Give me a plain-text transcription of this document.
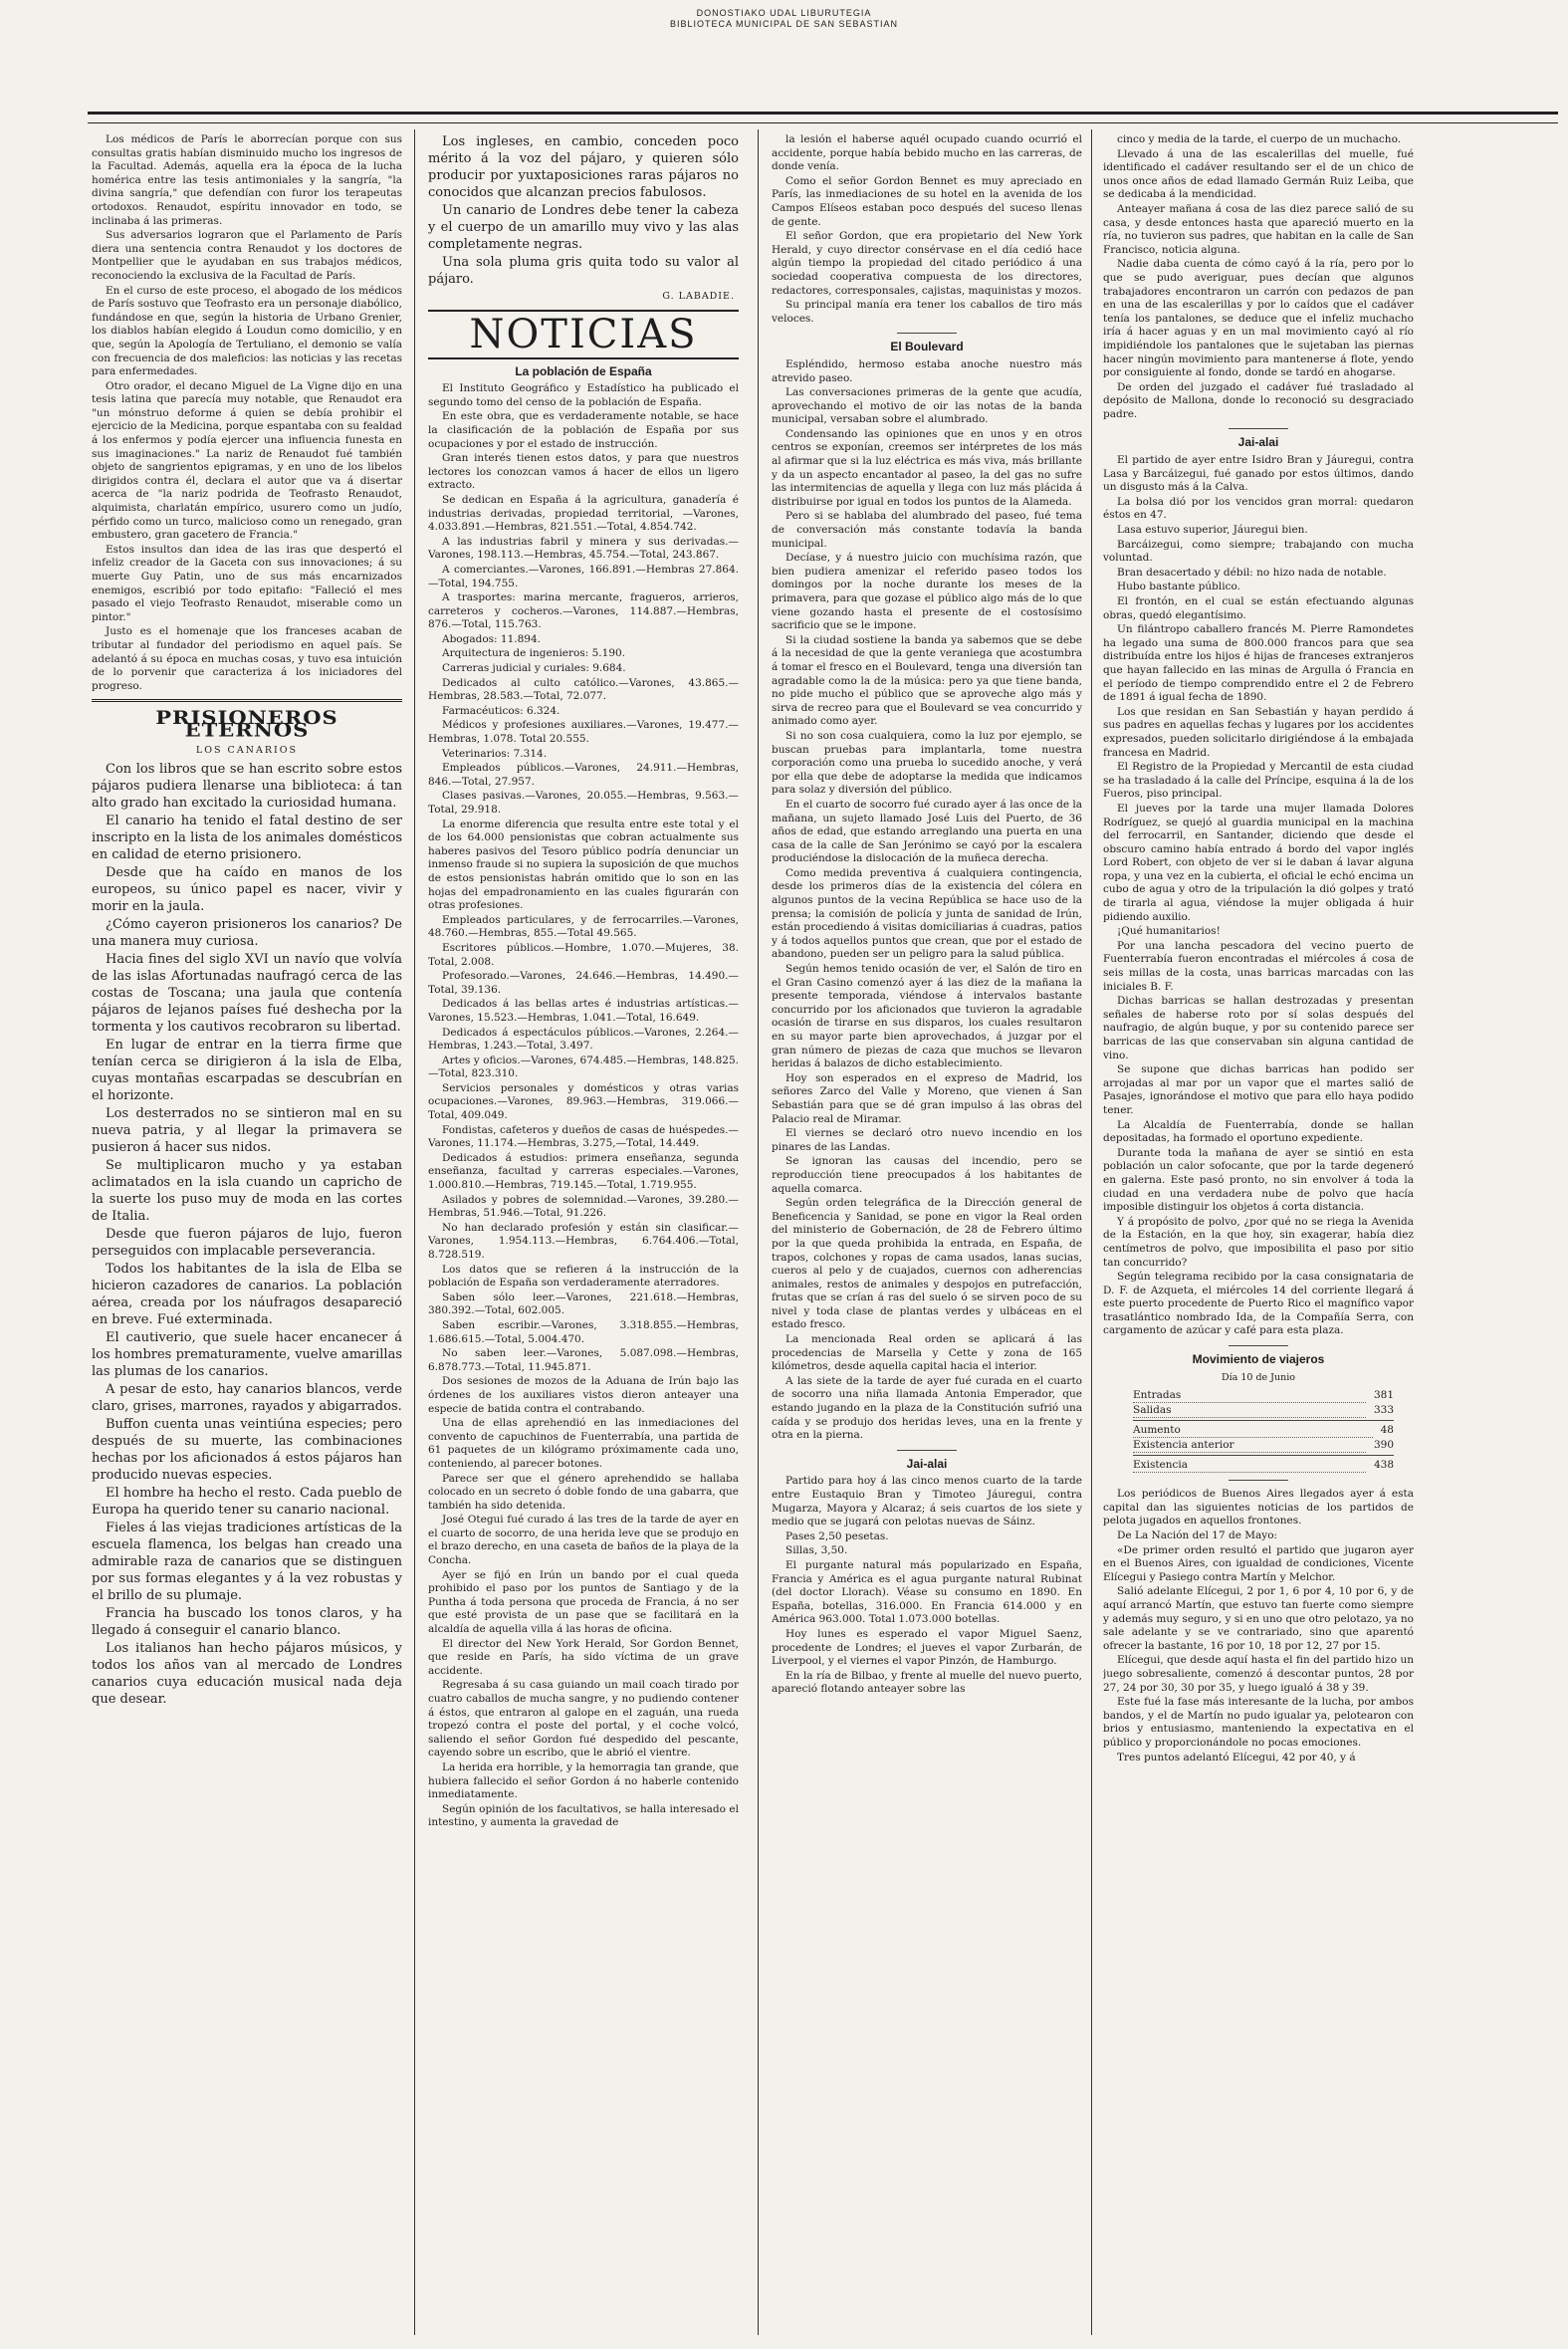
DONOSTIAKO UDAL LIBURUTEGIA
BIBLIOTECA MUNICIPAL DE SAN SEBASTIAN

Los médicos de París le aborrecían porque con sus consultas gratis habían disminuido mucho los ingresos de la Facultad. Además, aquella era la época de la lucha homérica entre las tesis antimoniales y la sangría, "la divina sangría," que defendían con furor los terapeutas ortodoxos. Renaudot, espíritu innovador en todo, se inclinaba á las primeras.

Sus adversarios lograron que el Parlamento de París diera una sentencia contra Renaudot y los doctores de Montpellier que le ayudaban en sus trabajos médicos, reconociendo la exclusiva de la Facultad de París.

En el curso de este proceso, el abogado de los médicos de París sostuvo que Teofrasto era un personaje diabólico, fundándose en que, según la historia de Urbano Grenier, los diablos habían elegido á Loudun como domicilio, y en que, según la Apología de Tertuliano, el demonio se valía con frecuencia de dos maleficios: las noticias y las recetas para enfermedades.

Otro orador, el decano Miguel de La Vigne dijo en una tesis latina que parecía muy notable, que Renaudot era "un mónstruo deforme á quien se debía prohibir el ejercicio de la Medicina, porque espantaba con su fealdad á los enfermos y podía ejercer una influencia funesta en sus imaginaciones." La nariz de Renaudot fué también objeto de sangrientos epigramas, y en uno de los libelos dirigidos contra él, declara el autor que va á disertar acerca de "la nariz podrida de Teofrasto Renaudot, alquimista, charlatán empírico, usurero como un judío, pérfido como un turco, malicioso como un renegado, gran embustero, gran gacetero de Francia."

Estos insultos dan idea de las iras que despertó el infeliz creador de la Gaceta con sus innovaciones; á su muerte Guy Patin, uno de sus más encarnizados enemigos, escribió por todo epitafio: "Falleció el mes pasado el viejo Teofrasto Renaudot, miserable como un pintor."

Justo es el homenaje que los franceses acaban de tributar al fundador del periodismo en aquel país. Se adelantó á su época en muchas cosas, y tuvo esa intuición de lo porvenir que caracteriza á los iniciadores del progreso.

PRISIONEROS ETERNOS
LOS CANARIOS

Con los libros que se han escrito sobre estos pájaros pudiera llenarse una biblioteca: á tan alto grado han excitado la curiosidad humana.

El canario ha tenido el fatal destino de ser inscripto en la lista de los animales domésticos en calidad de eterno prisionero.

Desde que ha caído en manos de los europeos, su único papel es nacer, vivir y morir en la jaula.

¿Cómo cayeron prisioneros los canarios? De una manera muy curiosa.

Hacia fines del siglo XVI un navío que volvía de las islas Afortunadas naufragó cerca de las costas de Toscana; una jaula que contenía pájaros de lejanos países fué deshecha por la tormenta y los cautivos recobraron su libertad.

En lugar de entrar en la tierra firme que tenían cerca se dirigieron á la isla de Elba, cuyas montañas escarpadas se descubrían en el horizonte.

Los desterrados no se sintieron mal en su nueva patria, y al llegar la primavera se pusieron á hacer sus nidos.

Se multiplicaron mucho y ya estaban aclimatados en la isla cuando un capricho de la suerte los puso muy de moda en las cortes de Italia.

Desde que fueron pájaros de lujo, fueron perseguidos con implacable perseverancia.

Todos los habitantes de la isla de Elba se hicieron cazadores de canarios. La población aérea, creada por los náufragos desapareció en breve. Fué exterminada.

El cautiverio, que suele hacer encanecer á los hombres prematuramente, vuelve amarillas las plumas de los canarios.

A pesar de esto, hay canarios blancos, verde claro, grises, marrones, rayados y abigarrados.

Buffon cuenta unas veintiúna especies; pero después de su muerte, las combinaciones hechas por los aficionados á estos pájaros han producido nuevas especies.

El hombre ha hecho el resto. Cada pueblo de Europa ha querido tener su canario nacional.

Fieles á las viejas tradiciones artísticas de la escuela flamenca, los belgas han creado una admirable raza de canarios que se distinguen por sus formas elegantes y á la vez robustas y el brillo de su plumaje.

Francia ha buscado los tonos claros, y ha llegado á conseguir el canario blanco.

Los italianos han hecho pájaros músicos, y todos los años van al mercado de Londres canarios cuya educación musical nada deja que desear.

Los ingleses, en cambio, conceden poco mérito á la voz del pájaro, y quieren sólo producir por yuxtaposiciones raras pájaros no conocidos que alcanzan precios fabulosos.

Un canario de Londres debe tener la cabeza y el cuerpo de un amarillo muy vivo y las alas completamente negras.

Una sola pluma gris quita todo su valor al pájaro.

G. LABADIE.
NOTICIAS
La población de España

El Instituto Geográfico y Estadístico ha publicado el segundo tomo del censo de la población de España.

En este obra, que es verdaderamente notable, se hace la clasificación de la población de España por sus ocupaciones y por el estado de instrucción.

Gran interés tienen estos datos, y para que nuestros lectores los conozcan vamos á hacer de ellos un ligero extracto.

Se dedican en España á la agricultura, ganadería é industrias derivadas, propiedad territorial, —Varones, 4.033.891.—Hembras, 821.551.—Total, 4.854.742.

A las industrias fabril y minera y sus derivadas.—Varones, 198.113.—Hembras, 45.754.—Total, 243.867.

A comerciantes.—Varones, 166.891.—Hembras 27.864.—Total, 194.755.

A trasportes: marina mercante, fragueros, arrieros, carreteros y cocheros.—Varones, 114.887.—Hembras, 876.—Total, 115.763.

Abogados: 11.894.

Arquitectura de ingenieros: 5.190.

Carreras judicial y curiales: 9.684.

Dedicados al culto católico.—Varones, 43.865.—Hembras, 28.583.—Total, 72.077.

Farmacéuticos: 6.324.

Médicos y profesiones auxiliares.—Varones, 19.477.—Hembras, 1.078. Total 20.555.

Veterinarios: 7.314.

Empleados públicos.—Varones, 24.911.—Hembras, 846.—Total, 27.957.

Clases pasivas.—Varones, 20.055.—Hembras, 9.563.—Total, 29.918.

La enorme diferencia que resulta entre este total y el de los 64.000 pensionistas que cobran actualmente sus haberes pasivos del Tesoro público podría denunciar un inmenso fraude si no supiera la suposición de que muchos de estos pensionistas habrán omitido que lo son en las hojas del empadronamiento en las cuales figurarán con otras profesiones.

Empleados particulares, y de ferrocarriles.—Varones, 48.760.—Hembras, 855.—Total 49.565.

Escritores públicos.—Hombre, 1.070.—Mujeres, 38. Total, 2.008.

Profesorado.—Varones, 24.646.—Hembras, 14.490.—Total, 39.136.

Dedicados á las bellas artes é industrias artísticas.—Varones, 15.523.—Hembras, 1.041.—Total, 16.649.

Dedicados á espectáculos públicos.—Varones, 2.264.—Hembras, 1.243.—Total, 3.497.

Artes y oficios.—Varones, 674.485.—Hembras, 148.825.—Total, 823.310.

Servicios personales y domésticos y otras varias ocupaciones.—Varones, 89.963.—Hembras, 319.066.—Total, 409.049.

Fondistas, cafeteros y dueños de casas de huéspedes.—Varones, 11.174.—Hembras, 3.275,—Total, 14.449.

Dedicados á estudios: primera enseñanza, segunda enseñanza, facultad y carreras especiales.—Varones, 1.000.810.—Hembras, 719.145.—Total, 1.719.955.

Asilados y pobres de solemnidad.—Varones, 39.280.—Hembras, 51.946.—Total, 91.226.

No han declarado profesión y están sin clasificar.—Varones, 1.954.113.—Hembras, 6.764.406.—Total, 8.728.519.

Los datos que se refieren á la instrucción de la población de España son verdaderamente aterradores.

Saben sólo leer.—Varones, 221.618.—Hembras, 380.392.—Total, 602.005.

Saben escribir.—Varones, 3.318.855.—Hembras, 1.686.615.—Total, 5.004.470.

No saben leer.—Varones, 5.087.098.—Hembras, 6.878.773.—Total, 11.945.871.

Dos sesiones de mozos de la Aduana de Irún bajo las órdenes de los auxiliares vistos dieron anteayer una especie de batida contra el contrabando.

Una de ellas aprehendió en las inmediaciones del convento de capuchinos de Fuenterrabía, una partida de 61 paquetes de un kilógramo próximamente cada uno, conteniendo, al parecer botones.

Parece ser que el género aprehendido se hallaba colocado en un secreto ó doble fondo de una gabarra, que también ha sido detenida.

José Otegui fué curado á las tres de la tarde de ayer en el cuarto de socorro, de una herida leve que se produjo en el brazo derecho, en una caseta de baños de la playa de la Concha.

Ayer se fijó en Irún un bando por el cual queda prohibido el paso por los puntos de Santiago y de la Puntha á toda persona que proceda de Francia, á no ser que esté provista de un pase que se facilitará en la alcaldía de aquella villa á las horas de oficina.

El director del New York Herald, Sor Gordon Bennet, que reside en París, ha sido víctima de un grave accidente.

Regresaba á su casa guiando un mail coach tirado por cuatro caballos de mucha sangre, y no pudiendo contener á éstos, que entraron al galope en el zaguán, una rueda tropezó contra el poste del portal, y el coche volcó, saliendo el señor Gordon fué despedido del pescante, cayendo sobre un escribo, que le abrió el vientre.

La herida era horrible, y la hemorragia tan grande, que hubiera fallecido el señor Gordon á no haberle contenido inmediatamente.

Según opinión de los facultativos, se halla interesado el intestino, y aumenta la gravedad de

la lesión el haberse aquél ocupado cuando ocurrió el accidente, porque había bebido mucho en las carreras, de donde venía.

Como el señor Gordon Bennet es muy apreciado en París, las inmediaciones de su hotel en la avenida de los Campos Elíseos estaban poco después del suceso llenas de gente.

El señor Gordon, que era propietario del New York Herald, y cuyo director consérvase en el día cedió hace algún tiempo la propiedad del citado periódico á una sociedad cooperativa compuesta de los directores, redactores, corresponsales, cajistas, maquinistas y mozos.

Su principal manía era tener los caballos de tiro más veloces.

El Boulevard

Espléndido, hermoso estaba anoche nuestro más atrevido paseo.

Las conversaciones primeras de la gente que acudía, aprovechando el motivo de oir las notas de la banda municipal, versaban sobre el alumbrado.

Condensando las opiniones que en unos y en otros centros se exponían, creemos ser intérpretes de los más al afirmar que si la luz eléctrica es más viva, más brillante y da un aspecto encantador al paseo, la del gas no sufre las intermitencias de aquella y llega con luz más plácida á distribuirse por igual en todos los puntos de la Alameda.

Pero si se hablaba del alumbrado del paseo, fué tema de conversación más constante todavía la banda municipal.

Decíase, y á nuestro juicio con muchísima razón, que bien pudiera amenizar el referido paseo todos los domingos por la noche durante los meses de la primavera, para que gozase el público algo más de lo que viene gozando hasta el presente de el costosísimo sacrificio que se le impone.

Si la ciudad sostiene la banda ya sabemos que se debe á la necesidad de que la gente veraniega que acostumbra á tomar el fresco en el Boulevard, tenga una diversión tan agradable como la de la música: pero ya que tiene banda, no pide mucho el público que se aproveche algo más y sirva de recreo para que el Boulevard se vea concurrido y animado como ayer.

Si no son cosa cualquiera, como la luz por ejemplo, se buscan pruebas para implantarla, tome nuestra corporación como una prueba lo sucedido anoche, y verá por ella que debe de adoptarse la medida que indicamos para solaz y diversión del público.

En el cuarto de socorro fué curado ayer á las once de la mañana, un sujeto llamado José Luis del Puerto, de 36 años de edad, que estando arreglando una puerta en una casa de la calle de San Jerónimo se cayó por la escalera produciéndose la dislocación de la muñeca derecha.

Como medida preventiva á cualquiera contingencia, desde los primeros días de la existencia del cólera en algunos puntos de la vecina República se hace uso de la prensa; la comisión de policía y junta de sanidad de Irún, están procediendo á visitas domiciliarias á cuadras, patios y á todos aquellos puntos que crean, que por el estado de abandono, pueden ser un peligro para la salud pública.

Según hemos tenido ocasión de ver, el Salón de tiro en el Gran Casino comenzó ayer á las diez de la mañana la presente temporada, viéndose á intervalos bastante concurrido por los aficionados que tuvieron la agradable ocasión de tirarse en sus disparos, los cuales resultaron en su mayor parte bien aprovechados, á juzgar por el gran número de piezas de caza que muchos se llevaron heridas á balazos de dicho establecimiento.

Hoy son esperados en el expreso de Madrid, los señores Zarco del Valle y Moreno, que vienen á San Sebastián para que se dé gran impulso á las obras del Palacio real de Miramar.

El viernes se declaró otro nuevo incendio en los pinares de las Landas.

Se ignoran las causas del incendio, pero se reproducción tiene preocupados á los habitantes de aquella comarca.

Según orden telegráfica de la Dirección general de Beneficencia y Sanidad, se pone en vigor la Real orden del ministerio de Gobernación, de 28 de Febrero último por la que queda prohibida la entrada, en España, de trapos, colchones y ropas de cama usados, lanas sucias, cueros al pelo y de cuajados, cuernos con adherencias animales, restos de animales y despojos en putrefacción, frutas que se crían á ras del suelo ó se sirven poco de su nivel y toda clase de plantas verdes y ulbáceas en el estado fresco.

La mencionada Real orden se aplicará á las procedencias de Marsella y Cette y zona de 165 kilómetros, desde aquella capital hacia el interior.

A las siete de la tarde de ayer fué curada en el cuarto de socorro una niña llamada Antonia Emperador, que estando jugando en la plaza de la Constitución sufrió una caída y se produjo dos heridas leves, una en la frente y otra en la pierna.

Jai-alai

Partido para hoy á las cinco menos cuarto de la tarde entre Eustaquio Bran y Timoteo Jáuregui, contra Mugarza, Mayora y Alcaraz; á seis cuartos de los siete y medio que se jugará con pelotas nuevas de Sáinz.

Pases 2,50 pesetas.

Sillas, 3,50.

El purgante natural más popularizado en España, Francia y América es el agua purgante natural Rubinat (del doctor Llorach). Véase su consumo en 1890. En España, botellas, 316.000. En Francia 614.000 y en América 963.000. Total 1.073.000 botellas.

Hoy lunes es esperado el vapor Miguel Saenz, procedente de Londres; el jueves el vapor Zurbarán, de Liverpool, y el viernes el vapor Pinzón, de Hamburgo.

En la ría de Bilbao, y frente al muelle del nuevo puerto, apareció flotando anteayer sobre las

cinco y media de la tarde, el cuerpo de un muchacho.

Llevado á una de las escalerillas del muelle, fué identificado el cadáver resultando ser el de un chico de unos once años de edad llamado Germán Ruiz Leiba, que se dedicaba á la mendicidad.

Anteayer mañana á cosa de las diez parece salió de su casa, y desde entonces hasta que apareció muerto en la ría, no tuvieron sus padres, que habitan en la calle de San Francisco, noticia alguna.

Nadie daba cuenta de cómo cayó á la ría, pero por lo que se pudo averiguar, pues decían que algunos trabajadores encontraron un carrón con pedazos de pan en una de las escalerillas y por lo caídos que el cadáver tenía los pantalones, se deduce que el infeliz muchacho iría á hacer aguas y en un mal movimiento cayó al río impidiéndole los pantalones que le sujetaban las piernas hacer ningún movimiento para mantenerse á flote, yendo por consiguiente al fondo, donde se tardó en ahogarse.

De orden del juzgado el cadáver fué trasladado al depósito de Mallona, donde lo reconoció su desgraciado padre.

Jai-alai

El partido de ayer entre Isidro Bran y Jáuregui, contra Lasa y Barcáizegui, fué ganado por estos últimos, dando un disgusto más á la Calva.

La bolsa dió por los vencidos gran morral: quedaron éstos en 47.

Lasa estuvo superior, Jáuregui bien.

Barcáizegui, como siempre; trabajando con mucha voluntad.

Bran desacertado y débil: no hizo nada de notable.

Hubo bastante público.

El frontón, en el cual se están efectuando algunas obras, quedó elegantísimo.

Un filántropo caballero francés M. Pierre Ramondetes ha legado una suma de 800.000 francos para que sea distribuída entre los hijos é hijas de franceses extranjeros que hayan fallecido en las minas de Argulla ó Francia en el período de tiempo comprendido entre el 2 de Febrero de 1891 á igual fecha de 1890.

Los que residan en San Sebastián y hayan perdido á sus padres en aquellas fechas y lugares por los accidentes expresados, pueden solicitarlo dirigiéndose á la embajada francesa en Madrid.

El Registro de la Propiedad y Mercantil de esta ciudad se ha trasladado á la calle del Príncipe, esquina á la de los Fueros, piso principal.

El jueves por la tarde una mujer llamada Dolores Rodríguez, se quejó al guardia municipal en la machina del ferrocarril, en Santander, diciendo que desde el obscuro camino había entrado á bordo del vapor inglés Lord Robert, con objeto de ver si le daban á lavar alguna ropa, y una vez en la cubierta, el oficial le echó encima un cubo de agua y otro de la tripulación la dió golpes y trató de tirarla al agua, viéndose la mujer obligada á huir pidiendo auxilio.

¡Qué humanitarios!

Por una lancha pescadora del vecino puerto de Fuenterrabía fueron encontradas el miércoles á cosa de seis millas de la costa, unas barricas marcadas con las iniciales B. F.

Dichas barricas se hallan destrozadas y presentan señales de haberse roto por sí solas después del naufragio, de algún buque, y por su contenido parece ser barricas de las que conservaban sin alguna cantidad de vino.

Se supone que dichas barricas han podido ser arrojadas al mar por un vapor que el martes salió de Pasajes, ignorándose el motivo que para ello haya podido tener.

La Alcaldía de Fuenterrabía, donde se hallan depositadas, ha formado el oportuno expediente.

Durante toda la mañana de ayer se sintió en esta población un calor sofocante, que por la tarde degeneró en galerna. Este pasó pronto, no sin envolver á toda la ciudad en una verdadera nube de polvo que hacía imposible distinguir los objetos á corta distancia.

Y á propósito de polvo, ¿por qué no se riega la Avenida de la Estación, en la que hoy, sin exagerar, había diez centímetros de polvo, que imposibilita el paso por sitio tan concurrido?

Según telegrama recibido por la casa consignataria de D. F. de Azqueta, el miércoles 14 del corriente llegará á este puerto procedente de Puerto Rico el magnífico vapor trasatlántico nombrado Ida, de la Compañía Serra, con cargamento de azúcar y café para esta plaza.

Movimiento de viajeros
Día 10 de Junio
Entradas	381
Salidas	333
Aumento	48
Existencia anterior	390
Existencia	438

Los periódicos de Buenos Aires llegados ayer á esta capital dan las siguientes noticias de los partidos de pelota jugados en aquellos frontones.

De La Nación del 17 de Mayo:

«De primer orden resultó el partido que jugaron ayer en el Buenos Aires, con igualdad de condiciones, Vicente Elícegui y Pasiego contra Martín y Melchor.

Salió adelante Elícegui, 2 por 1, 6 por 4, 10 por 6, y de aquí arrancó Martín, que estuvo tan fuerte como siempre y además muy seguro, y si en uno que otro pelotazo, ya no sale adelante y se ve contrariado, sino que aparentó ofrecer la bastante, 16 por 10, 18 por 12, 27 por 15.

Elícegui, que desde aquí hasta el fin del partido hizo un juego sobresaliente, comenzó á descontar puntos, 28 por 27, 24 por 30, 30 por 35, y luego igualó á 38 y 39.

Este fué la fase más interesante de la lucha, por ambos bandos, y el de Martín no pudo igualar ya, pelotearon con brios y entusiasmo, manteniendo la expectativa en el público y proporcionándole no pocas emociones.

Tres puntos adelantó Elícegui, 42 por 40, y á
